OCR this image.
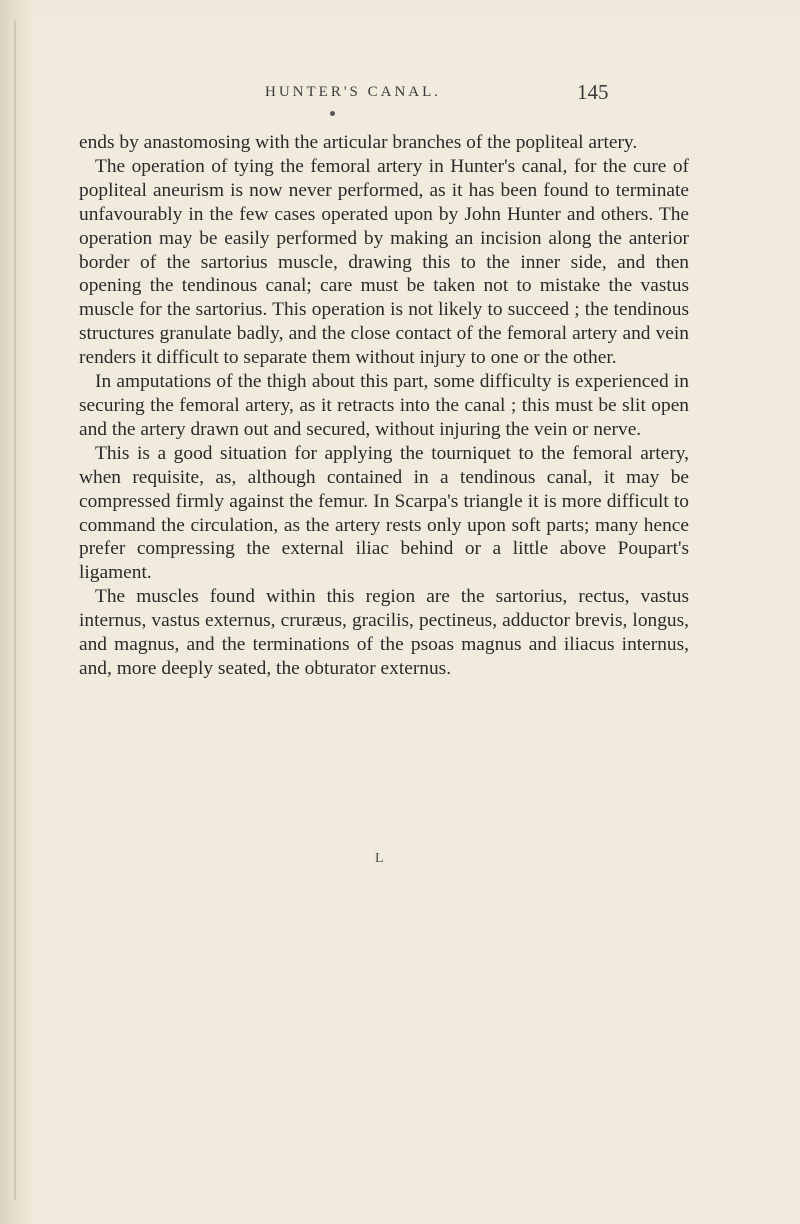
HUNTER'S CANAL.	145

ends by anastomosing with the articular branches of the popliteal artery.

The operation of tying the femoral artery in Hunter's canal, for the cure of popliteal aneurism is now never performed, as it has been found to terminate unfavourably in the few cases operated upon by John Hunter and others. The operation may be easily performed by making an incision along the anterior border of the sartorius muscle, drawing this to the inner side, and then opening the tendinous canal; care must be taken not to mistake the vastus muscle for the sartorius. This operation is not likely to succeed ; the tendinous structures granulate badly, and the close contact of the femoral artery and vein renders it difficult to separate them without injury to one or the other.

In amputations of the thigh about this part, some difficulty is experienced in securing the femoral artery, as it retracts into the canal ; this must be slit open and the artery drawn out and secured, without injuring the vein or nerve.

This is a good situation for applying the tourniquet to the femoral artery, when requisite, as, although contained in a tendinous canal, it may be compressed firmly against the femur. In Scarpa's triangle it is more difficult to command the circulation, as the artery rests only upon soft parts; many hence prefer compressing the external iliac behind or a little above Poupart's ligament.

The muscles found within this region are the sartorius, rectus, vastus internus, vastus externus, cruræus, gracilis, pectineus, adductor brevis, longus, and magnus, and the terminations of the psoas magnus and iliacus internus, and, more deeply seated, the obturator externus.

L
